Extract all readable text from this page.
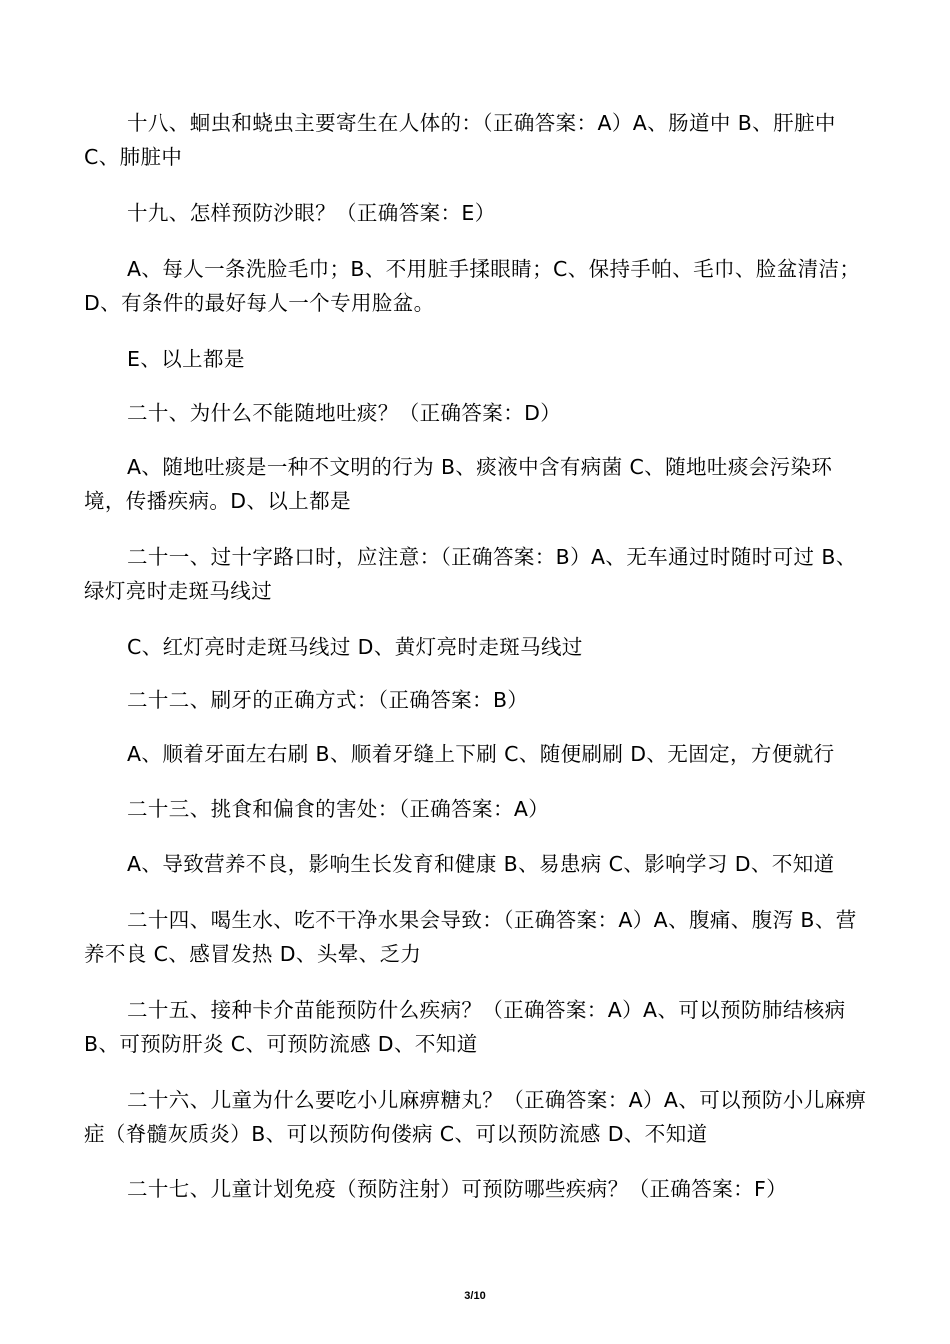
十八、蛔虫和蛲虫主要寄生在人体的：（正确答案：A）A、肠道中 B、肝脏中 C、肺脏中

十九、怎样预防沙眼？（正确答案：E）

A、每人一条洗脸毛巾；B、不用脏手揉眼睛；C、保持手帕、毛巾、脸盆清洁；D、有条件的最好每人一个专用脸盆。

E、以上都是

二十、为什么不能随地吐痰？（正确答案：D）

A、随地吐痰是一种不文明的行为 B、痰液中含有病菌 C、随地吐痰会污染环境，传播疾病。D、以上都是

二十一、过十字路口时，应注意：（正确答案：B）A、无车通过时随时可过 B、绿灯亮时走斑马线过

C、红灯亮时走斑马线过 D、黄灯亮时走斑马线过

二十二、刷牙的正确方式：（正确答案：B）

A、顺着牙面左右刷 B、顺着牙缝上下刷 C、随便刷刷 D、无固定，方便就行

二十三、挑食和偏食的害处：（正确答案：A）

A、导致营养不良，影响生长发育和健康 B、易患病 C、影响学习 D、不知道

二十四、喝生水、吃不干净水果会导致：（正确答案：A）A、腹痛、腹泻 B、营养不良 C、感冒发热 D、头晕、乏力

二十五、接种卡介苗能预防什么疾病？（正确答案：A）A、可以预防肺结核病 B、可预防肝炎 C、可预防流感 D、不知道

二十六、儿童为什么要吃小儿麻痹糖丸？（正确答案：A）A、可以预防小儿麻痹症（脊髓灰质炎）B、可以预防佝偻病 C、可以预防流感 D、不知道

二十七、儿童计划免疫（预防注射）可预防哪些疾病？（正确答案：F）

3/10
